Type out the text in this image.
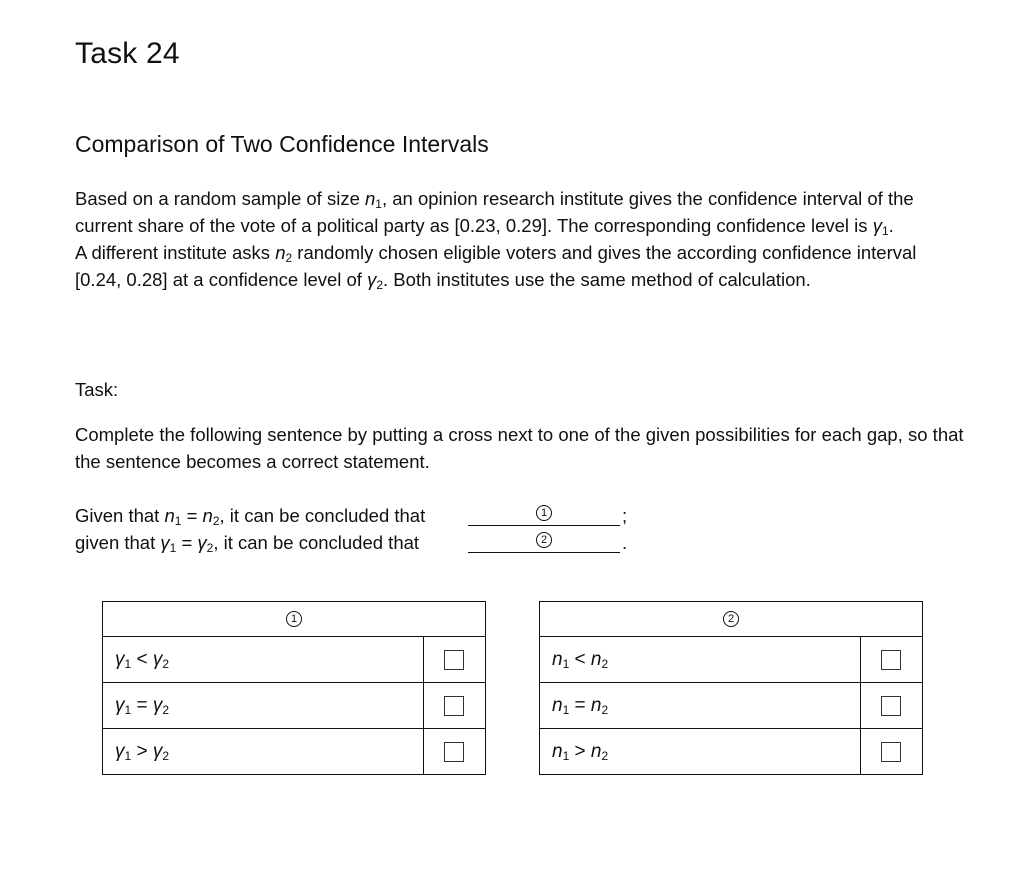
Task 24
Comparison of Two Confidence Intervals
Based on a random sample of size $n_1$, an opinion research institute gives the confidence interval of the current share of the vote of a political party as [0.23, 0.29]. The corresponding confidence level is $\gamma_1$.
A different institute asks $n_2$ randomly chosen eligible voters and gives the according confidence interval [0.24, 0.28] at a confidence level of $\gamma_2$. Both institutes use the same method of calculation.
Task:
Complete the following sentence by putting a cross next to one of the given possibilities for each gap, so that the sentence becomes a correct statement.
Given that $n_1 = n_2$, it can be concluded that	1	;
given that $\gamma_1 = \gamma_2$, it can be concluded that	2	.
1	
$\gamma_1 < \gamma_2$	
$\gamma_1 = \gamma_2$	
$\gamma_1 > \gamma_2$	
2	
$n_1 < n_2$	
$n_1 = n_2$	
$n_1 > n_2$	
